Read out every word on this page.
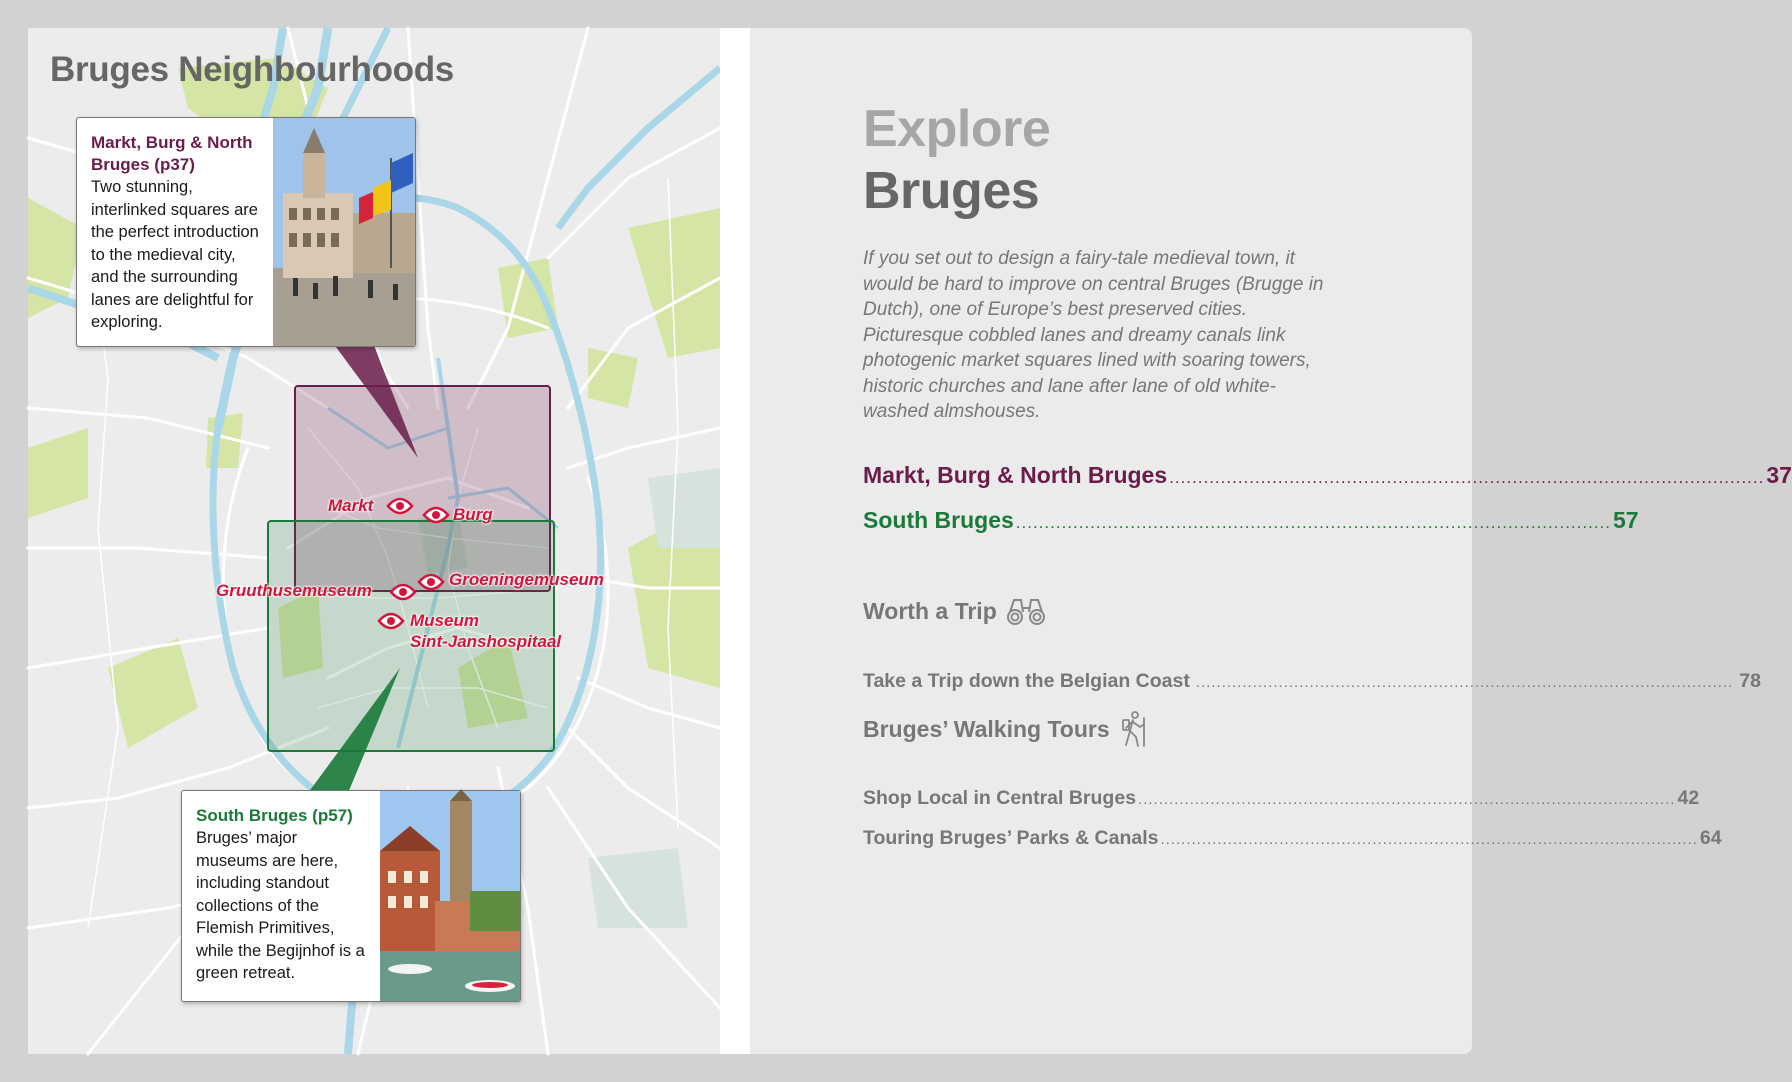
Bruges Neighbourhoods
Markt, Burg & North Bruges (p37)
Two stunning, interlinked squares are the perfect introduction to the medieval city, and the surrounding lanes are delightful for exploring.
South Bruges (p57)
Bruges’ major museums are here, including standout collections of the Flemish Primitives, while the Begijnhof is a green retreat.
Markt	Burg
Groeningemuseum
Gruuthusemuseum
Museum
Sint-Janshospitaal
Explore
Bruges

If you set out to design a fairy-tale medieval town, it would be hard to improve on central Bruges (Brugge in Dutch), one of Europe’s best preserved cities. Picturesque cobbled lanes and dreamy canals link photogenic market squares lined with soaring towers, historic churches and lane after lane of old white-washed almshouses.

Markt, Burg & North Bruges ........................................................................................................ 37
South Bruges ........................................................................................................ 57
Worth a Trip
Take a Trip down the Belgian Coast ........................................................................................................ 78
Bruges’ Walking Tours
Shop Local in Central Bruges ........................................................................................................ 42
Touring Bruges’ Parks & Canals ........................................................................................................ 64
